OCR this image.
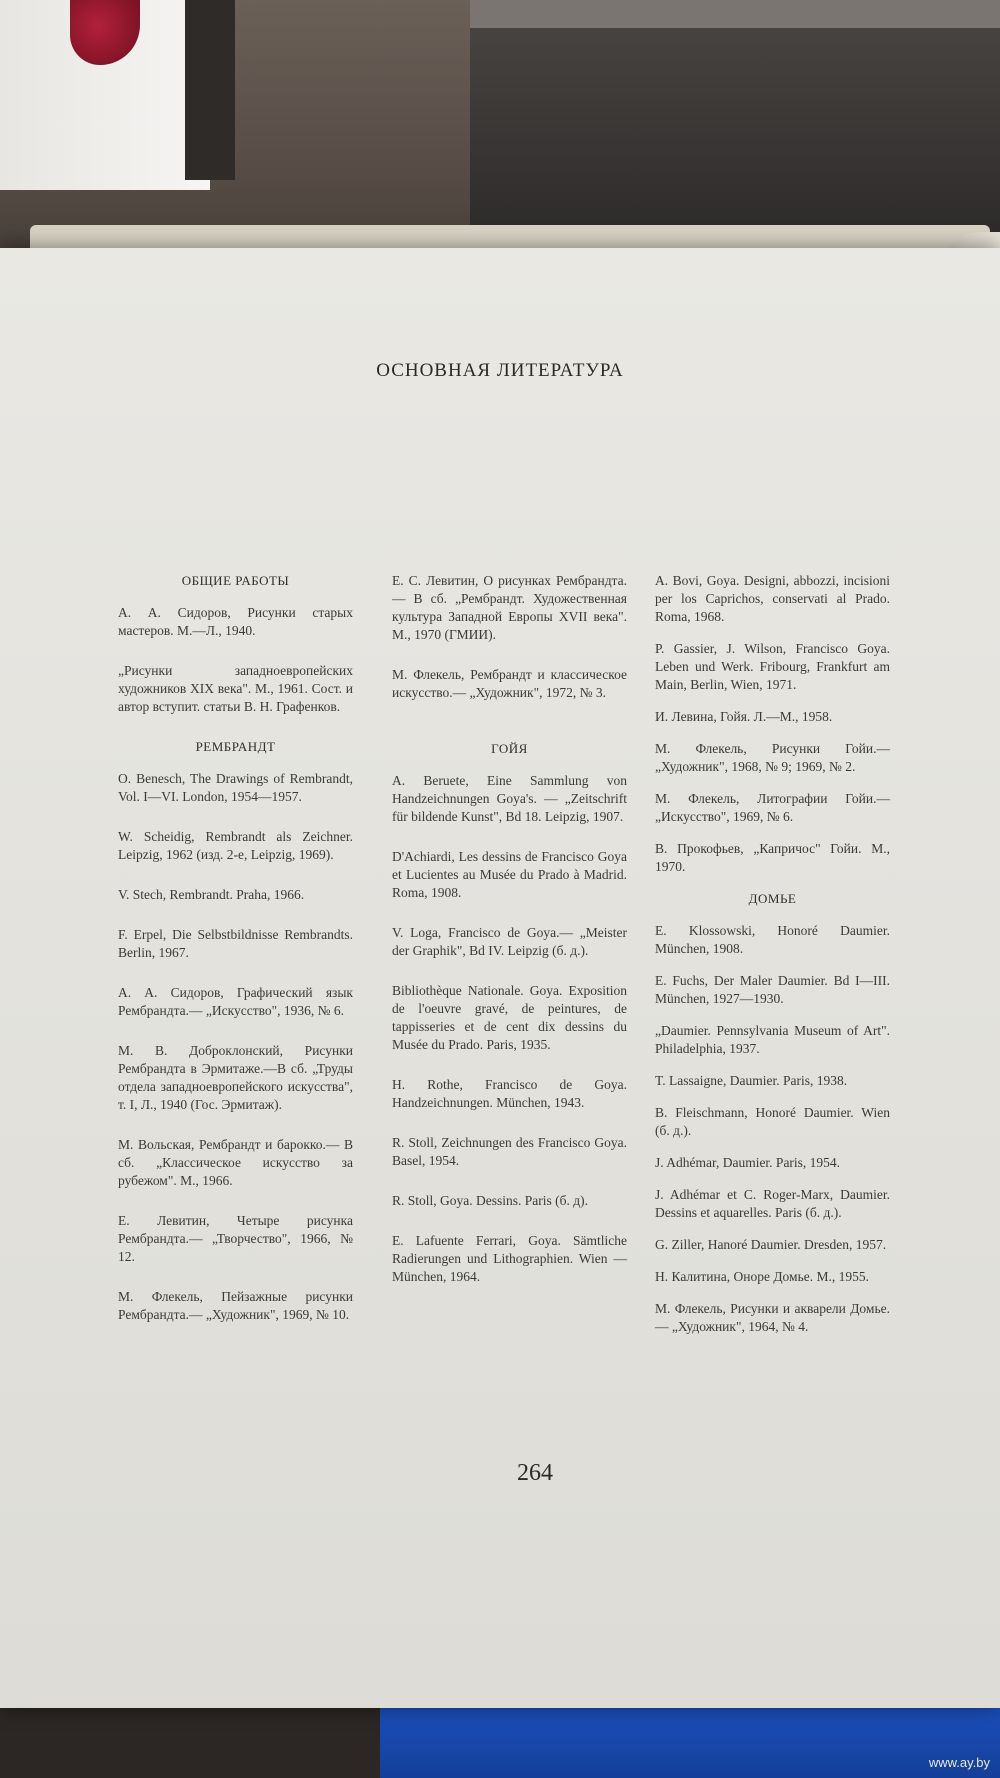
ОСНОВНАЯ ЛИТЕРАТУРА
ОБЩИЕ РАБОТЫ
А. А. Сидоров, Рисунки старых мастеров. М.—Л., 1940.
„Рисунки западноевропейских художников XIX века". М., 1961. Сост. и автор вступит. статьи В. Н. Графенков.
РЕМБРАНДТ
O. Benesch, The Drawings of Rembrandt, Vol. I—VI. London, 1954—1957.
W. Scheidig, Rembrandt als Zeichner. Leipzig, 1962 (изд. 2-е, Leipzig, 1969).
V. Stech, Rembrandt. Praha, 1966.
F. Erpel, Die Selbstbildnisse Rembrandts. Berlin, 1967.
А. А. Сидоров, Графический язык Рембрандта.— „Искусство", 1936, № 6.
М. В. Доброклонский, Рисунки Рембрандта в Эрмитаже.—В сб. „Труды отдела западноевропейского искусства", т. I, Л., 1940 (Гос. Эрмитаж).
М. Вольская, Рембрандт и барокко.— В сб. „Классическое искусство за рубежом". М., 1966.
Е. Левитин, Четыре рисунка Рембрандта.— „Творчество", 1966, № 12.
М. Флекель, Пейзажные рисунки Рембрандта.— „Художник", 1969, № 10.
Е. С. Левитин, О рисунках Рембрандта. — В сб. „Рембрандт. Художественная культура Западной Европы XVII века". М., 1970 (ГМИИ).
М. Флекель, Рембрандт и классическое искусство.— „Художник", 1972, № 3.
ГОЙЯ
A. Beruete, Eine Sammlung von Handzeichnungen Goya's. — „Zeitschrift für bildende Kunst", Bd 18. Leipzig, 1907.
D'Achiardi, Les dessins de Francisco Goya et Lucientes au Musée du Prado à Madrid. Roma, 1908.
V. Loga, Francisco de Goya.— „Meister der Graphik", Bd IV. Leipzig (б. д.).
Bibliothèque Nationale. Goya. Exposition de l'oeuvre gravé, de peintures, de tappisseries et de cent dix dessins du Musée du Prado. Paris, 1935.
H. Rothe, Francisco de Goya. Handzeichnungen. München, 1943.
R. Stoll, Zeichnungen des Francisco Goya. Basel, 1954.
R. Stoll, Goya. Dessins. Paris (б. д).
E. Lafuente Ferrari, Goya. Sämtliche Radierungen und Lithographien. Wien — München, 1964.
A. Bovi, Goya. Designi, abbozzi, incisioni per los Caprichos, conservati al Prado. Roma, 1968.
P. Gassier, J. Wilson, Francisco Goya. Leben und Werk. Fribourg, Frankfurt am Main, Berlin, Wien, 1971.
И. Левина, Гойя. Л.—М., 1958.
М. Флекель, Рисунки Гойи.— „Художник", 1968, № 9; 1969, № 2.
М. Флекель, Литографии Гойи.— „Искусство", 1969, № 6.
В. Прокофьев, „Капричос" Гойи. М., 1970.
ДОМЬЕ
E. Klossowski, Honoré Daumier. München, 1908.
E. Fuchs, Der Maler Daumier. Bd I—III. München, 1927—1930.
„Daumier. Pennsylvania Museum of Art". Philadelphia, 1937.
T. Lassaigne, Daumier. Paris, 1938.
B. Fleischmann, Honoré Daumier. Wien (б. д.).
J. Adhémar, Daumier. Paris, 1954.
J. Adhémar et C. Roger-Marx, Daumier. Dessins et aquarelles. Paris (б. д.).
G. Ziller, Hanoré Daumier. Dresden, 1957.
Н. Калитина, Оноре Домье. М., 1955.
М. Флекель, Рисунки и акварели Домье.— „Художник", 1964, № 4.
264
www.ay.by
